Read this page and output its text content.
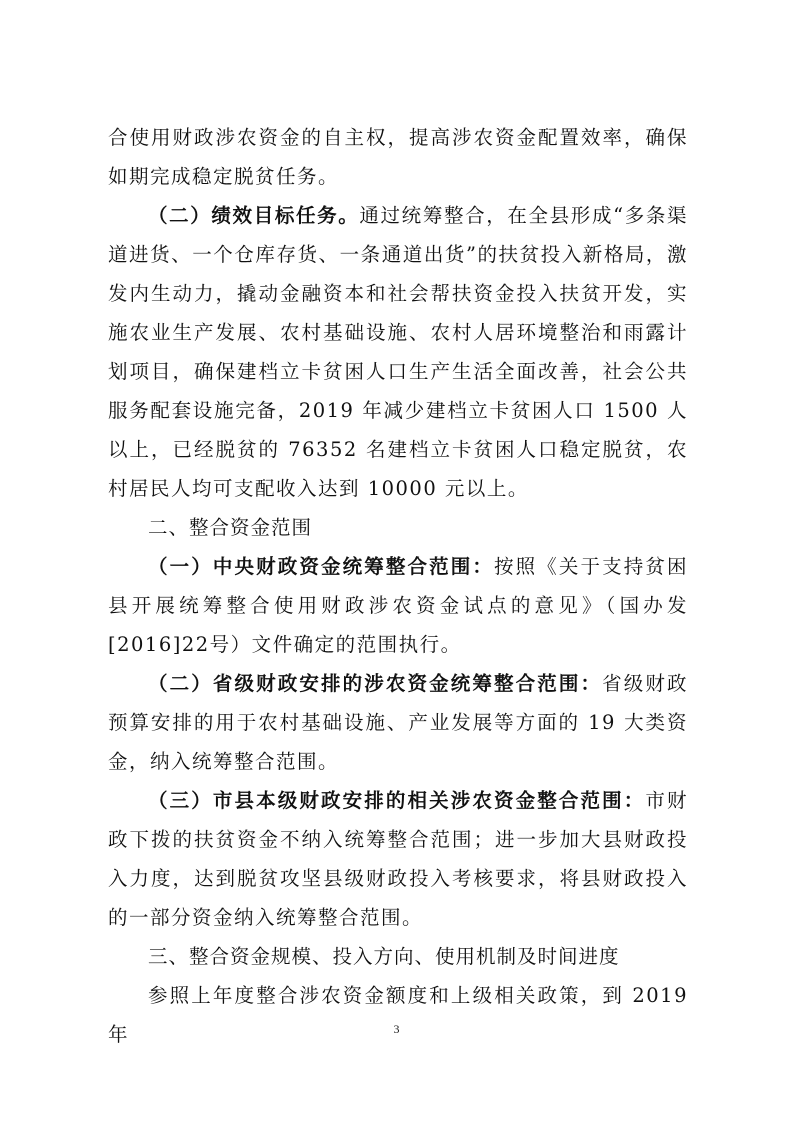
合使用财政涉农资金的自主权，提高涉农资金配置效率，确保如期完成稳定脱贫任务。

（二）绩效目标任务。通过统筹整合，在全县形成“多条渠道进货、一个仓库存货、一条通道出货”的扶贫投入新格局，激发内生动力，撬动金融资本和社会帮扶资金投入扶贫开发，实施农业生产发展、农村基础设施、农村人居环境整治和雨露计划项目，确保建档立卡贫困人口生产生活全面改善，社会公共服务配套设施完备，2019 年减少建档立卡贫困人口 1500 人以上，已经脱贫的 76352 名建档立卡贫困人口稳定脱贫，农村居民人均可支配收入达到 10000 元以上。

二、整合资金范围

（一）中央财政资金统筹整合范围：按照《关于支持贫困县开展统筹整合使用财政涉农资金试点的意见》（国办发[2016]22号）文件确定的范围执行。

（二）省级财政安排的涉农资金统筹整合范围：省级财政预算安排的用于农村基础设施、产业发展等方面的 19 大类资金，纳入统筹整合范围。

（三）市县本级财政安排的相关涉农资金整合范围：市财政下拨的扶贫资金不纳入统筹整合范围；进一步加大县财政投入力度，达到脱贫攻坚县级财政投入考核要求，将县财政投入的一部分资金纳入统筹整合范围。

三、整合资金规模、投入方向、使用机制及时间进度

参照上年度整合涉农资金额度和上级相关政策，到 2019 年	3
